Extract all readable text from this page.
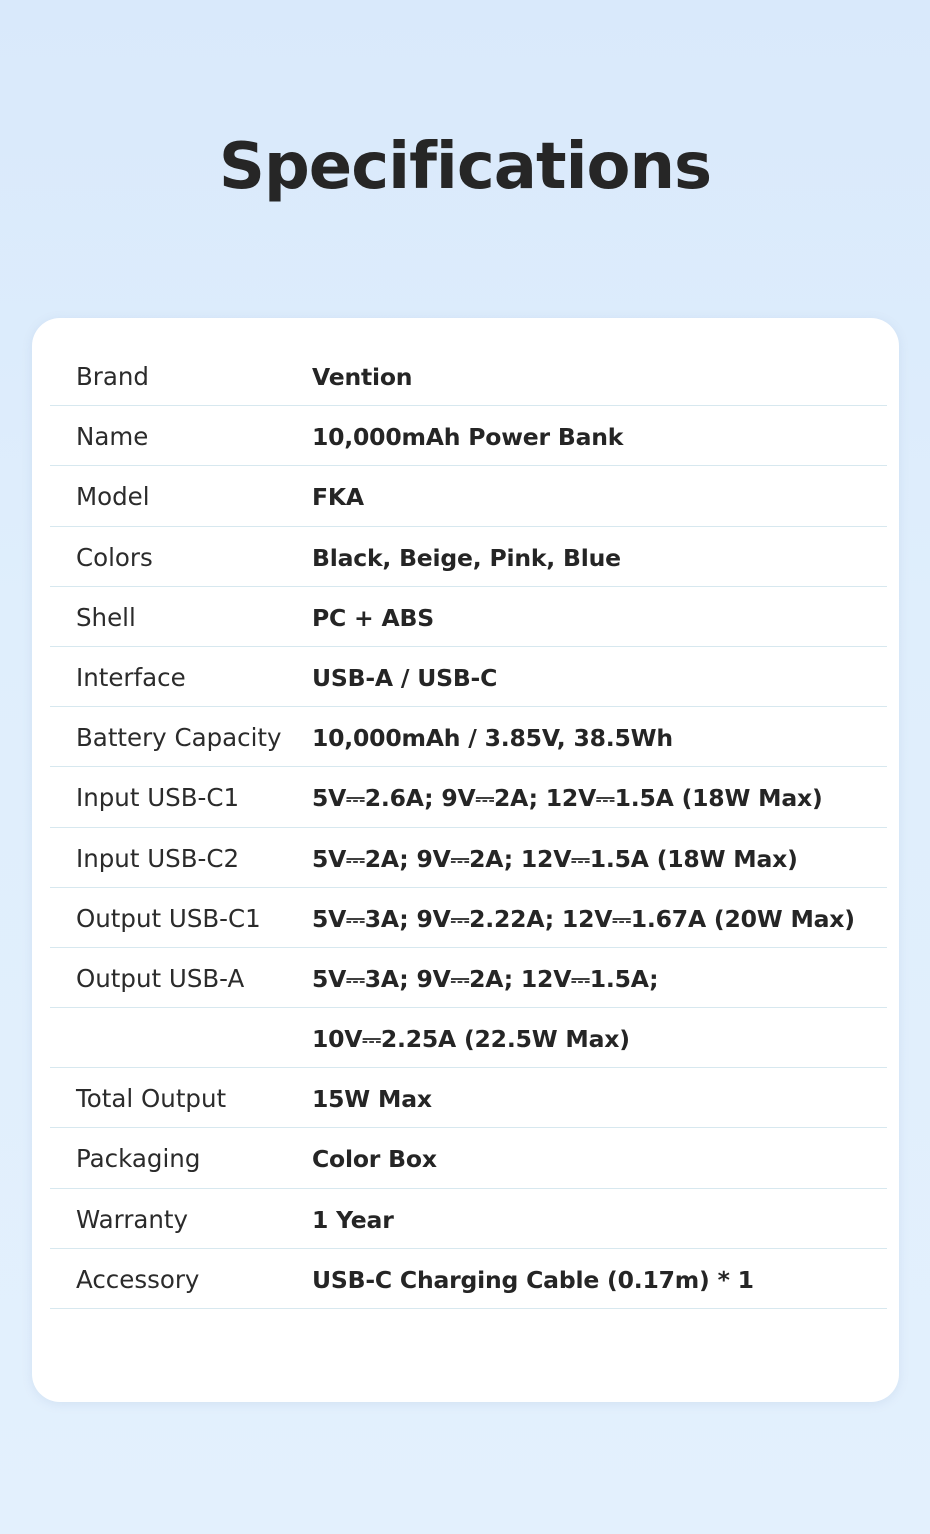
Specifications
Brand	Vention
Name	10,000mAh Power Bank
Model	FKA
Colors	Black, Beige, Pink, Blue
Shell	PC + ABS
Interface	USB-A / USB-C
Battery Capacity 10,000mAh / 3.85V, 38.5Wh
Input USB-C1	5V⎓2.6A; 9V⎓2A; 12V⎓1.5A (18W Max)
Input USB-C2	5V⎓2A; 9V⎓2A; 12V⎓1.5A (18W Max)
Output USB-C1 5V⎓3A; 9V⎓2.22A; 12V⎓1.67A (20W Max)
Output USB-A	5V⎓3A; 9V⎓2A; 12V⎓1.5A;
10V⎓2.25A (22.5W Max)
Total Output	15W Max
Packaging	Color Box
Warranty	1 Year
Accessory	USB-C Charging Cable (0.17m) * 1
